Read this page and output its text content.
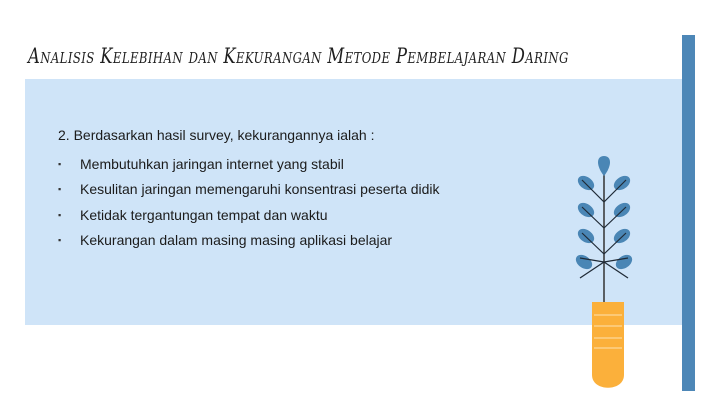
Analisis Kelebihan dan Kekurangan Metode Pembelajaran Daring
2. Berdasarkan hasil survey, kekurangannya ialah :
▪	Membutuhkan jaringan internet yang stabil
▪	Kesulitan jaringan memengaruhi konsentrasi peserta didik
▪	Ketidak tergantungan tempat dan waktu
▪	Kekurangan dalam masing masing aplikasi belajar
